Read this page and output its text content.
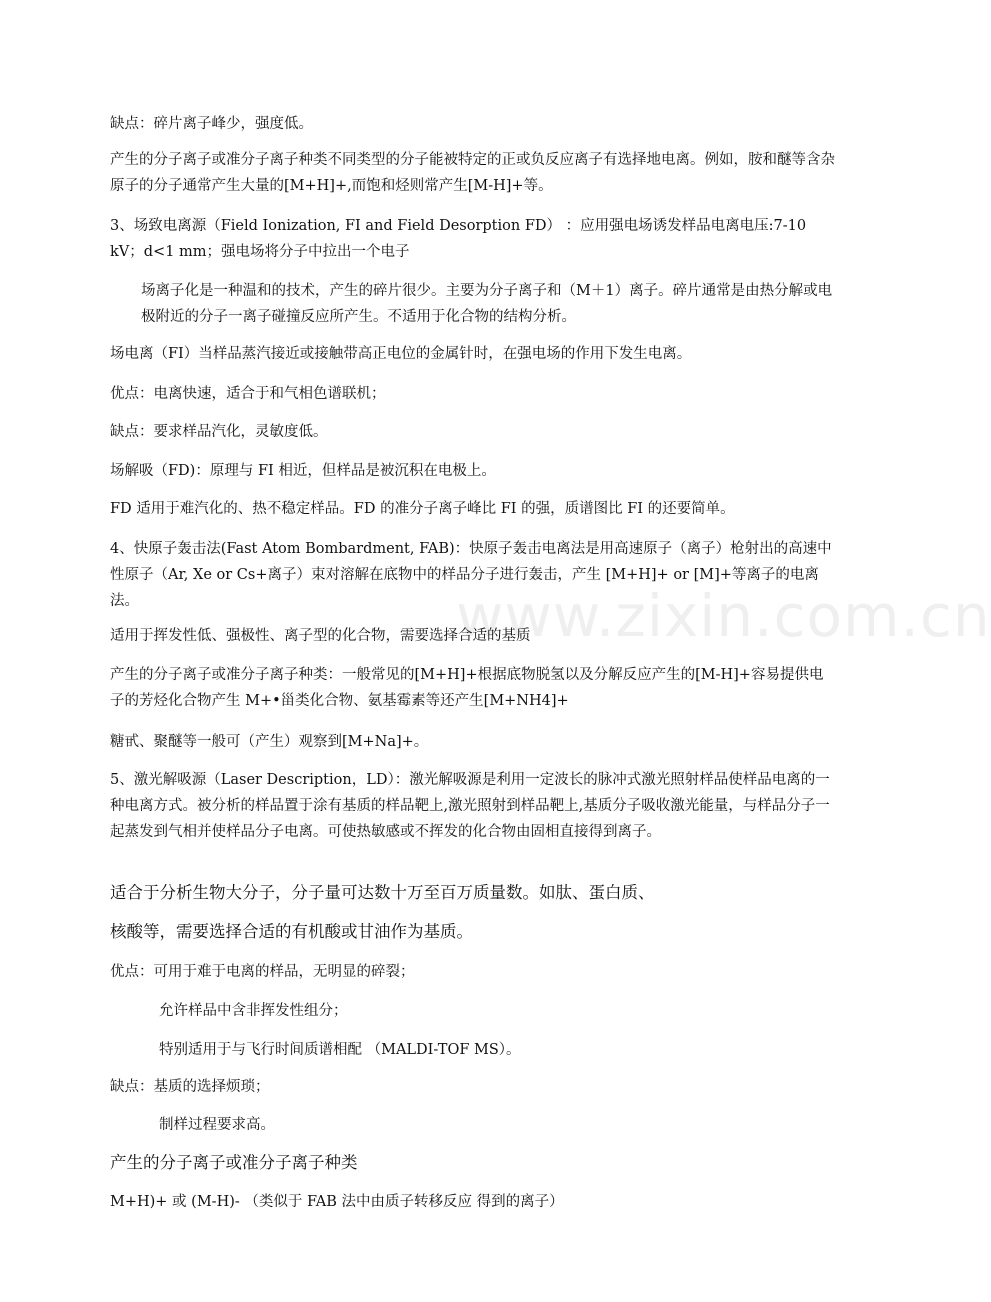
www.zixin.com.cn
缺点：碎片离子峰少，强度低。
产生的分子离子或准分子离子种类不同类型的分子能被特定的正或负反应离子有选择地电离。例如，胺和醚等含杂原子的分子通常产生大量的[M+H]+,而饱和烃则常产生[M-H]+等。
3、场致电离源（Field Ionization, FI and Field Desorption FD） ：应用强电场诱发样品电离电压:7-10 kV；d<1 mm；强电场将分子中拉出一个电子
场离子化是一种温和的技术，产生的碎片很少。主要为分子离子和（M＋1）离子。碎片通常是由热分解或电极附近的分子一离子碰撞反应所产生。不适用于化合物的结构分析。
场电离（FI）当样品蒸汽接近或接触带高正电位的金属针时，在强电场的作用下发生电离。
优点：电离快速，适合于和气相色谱联机；
缺点：要求样品汽化，灵敏度低。
场解吸（FD)：原理与 FI 相近，但样品是被沉积在电极上。
FD 适用于难汽化的、热不稳定样品。FD 的准分子离子峰比 FI 的强，质谱图比 FI 的还要简单。
4、快原子轰击法(Fast Atom Bombardment, FAB)：快原子轰击电离法是用高速原子（离子）枪射出的高速中性原子（Ar, Xe or Cs+离子）束对溶解在底物中的样品分子进行轰击，产生 [M+H]+ or [M]+等离子的电离法。
适用于挥发性低、强极性、离子型的化合物，需要选择合适的基质
产生的分子离子或准分子离子种类：一般常见的[M+H]+根据底物脱氢以及分解反应产生的[M-H]+容易提供电子的芳烃化合物产生 M+•甾类化合物、氨基霉素等还产生[M+NH4]+
糖甙、聚醚等一般可（产生）观察到[M+Na]+。
5、激光解吸源（Laser Description，LD）：激光解吸源是利用一定波长的脉冲式激光照射样品使样品电离的一种电离方式。被分析的样品置于涂有基质的样品靶上,激光照射到样品靶上,基质分子吸收激光能量，与样品分子一起蒸发到气相并使样品分子电离。可使热敏感或不挥发的化合物由固相直接得到离子。
适合于分析生物大分子，分子量可达数十万至百万质量数。如肽、蛋白质、
核酸等，需要选择合适的有机酸或甘油作为基质。
优点：可用于难于电离的样品，无明显的碎裂；
允许样品中含非挥发性组分；
特别适用于与飞行时间质谱相配 （MALDI-TOF MS）。
缺点：基质的选择烦琐；
制样过程要求高。
产生的分子离子或准分子离子种类
M+H)+ 或 (M-H)- （类似于 FAB 法中由质子转移反应 得到的离子）
